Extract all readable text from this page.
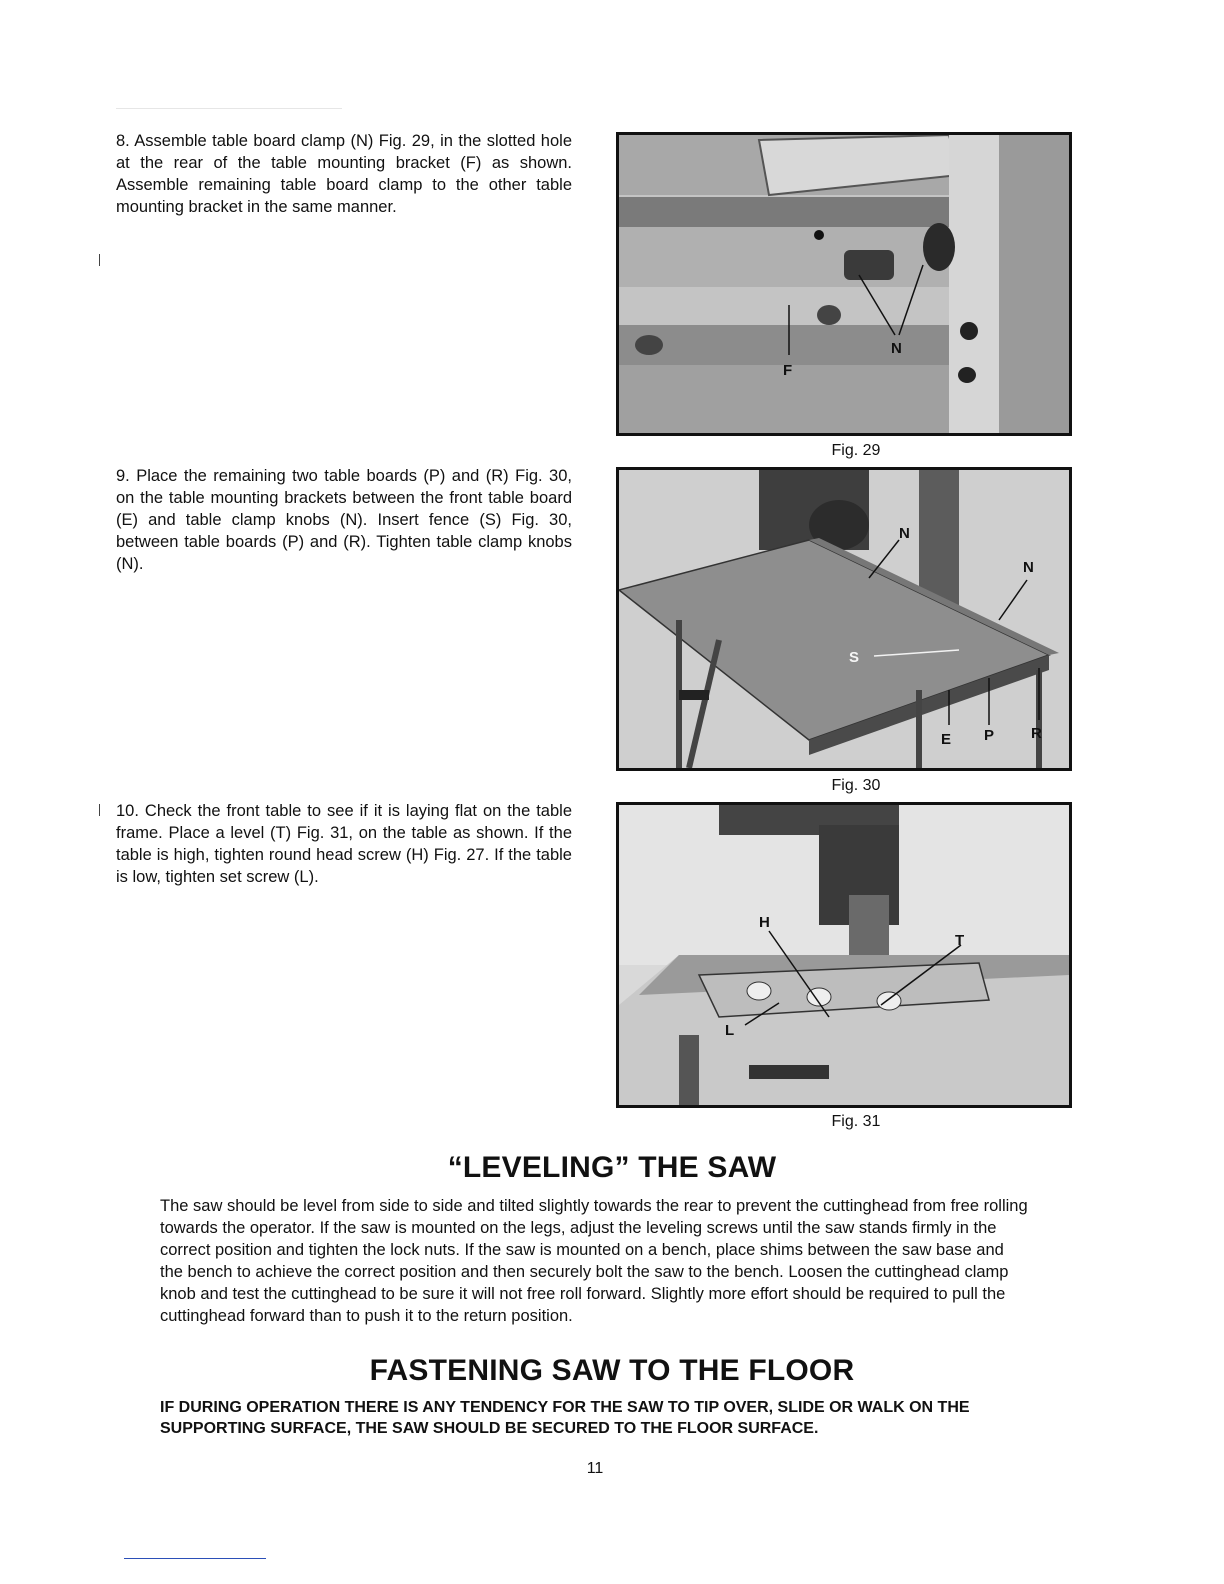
8. Assemble table board clamp (N) Fig. 29, in the slotted hole at the rear of the table mounting bracket (F) as shown. Assemble remaining table board clamp to the other table mounting bracket in the same manner.

F
N
Fig. 29

9. Place the remaining two table boards (P) and (R) Fig. 30, on the table mounting brackets between the front table board (E) and table clamp knobs (N). Insert fence (S) Fig. 30, between table boards (P) and (R). Tighten table clamp knobs (N).

N
N
S
E P R
Fig. 30

10. Check the front table to see if it is laying flat on the table frame. Place a level (T) Fig. 31, on the table as shown. If the table is high, tighten round head screw (H) Fig. 27. If the table is low, tighten set screw (L).

H
T
L
Fig. 31
“LEVELING” THE SAW

The saw should be level from side to side and tilted slightly towards the rear to prevent the cuttinghead from free rolling towards the operator. If the saw is mounted on the legs, adjust the leveling screws until the saw stands firmly in the correct position and tighten the lock nuts. If the saw is mounted on a bench, place shims between the saw base and the bench to achieve the correct position and then securely bolt the saw to the bench. Loosen the cuttinghead clamp knob and test the cuttinghead to be sure it will not free roll forward. Slightly more effort should be required to pull the cuttinghead forward than to push it to the return position.

FASTENING SAW TO THE FLOOR

IF DURING OPERATION THERE IS ANY TENDENCY FOR THE SAW TO TIP OVER, SLIDE OR WALK ON THE SUPPORTING SURFACE, THE SAW SHOULD BE SECURED TO THE FLOOR SURFACE.

11
